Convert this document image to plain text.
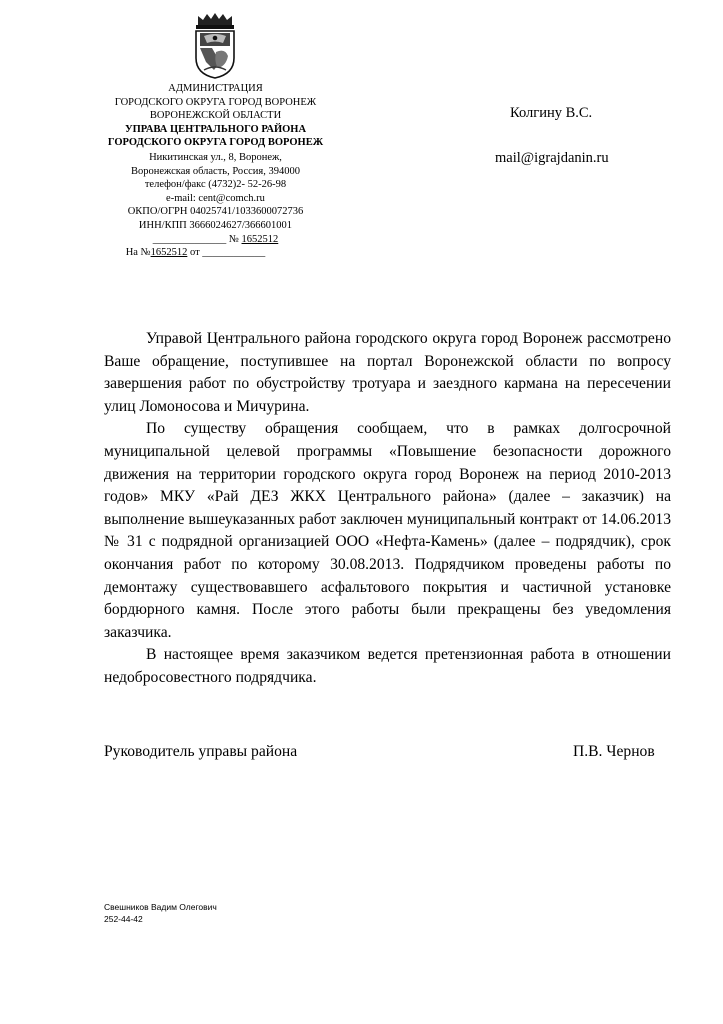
АДМИНИСТРАЦИЯ
ГОРОДСКОГО ОКРУГА ГОРОД ВОРОНЕЖ
ВОРОНЕЖСКОЙ ОБЛАСТИ
УПРАВА ЦЕНТРАЛЬНОГО РАЙОНА
ГОРОДСКОГО ОКРУГА ГОРОД ВОРОНЕЖ
Никитинская ул., 8, Воронеж,
Воронежская область, Россия, 394000
телефон/факс (4732)2- 52-26-98
e-mail: cent@comch.ru
ОКПО/ОГРН 04025741/1033600072736
ИНН/КПП 3666024627/366601001
______________ № 1652512
На №1652512 от ____________
Колгину В.С.
mail@igrajdanin.ru

Управой Центрального района городского округа город Воронеж рассмотрено Ваше обращение, поступившее на портал Воронежской области по вопросу завершения работ по обустройству тротуара и заездного кармана на пересечении улиц Ломоносова и Мичурина.

По существу обращения сообщаем, что в рамках долгосрочной муниципальной целевой программы «Повышение безопасности дорожного движения на территории городского округа город Воронеж на период 2010-2013 годов» МКУ «Рай ДЕЗ ЖКХ Центрального района» (далее – заказчик) на выполнение вышеуказанных работ заключен муниципальный контракт от 14.06.2013 № 31 с подрядной организацией ООО «Нефта-Камень» (далее – подрядчик), срок окончания работ по которому 30.08.2013. Подрядчиком проведены работы по демонтажу существовавшего асфальтового покрытия и частичной установке бордюрного камня. После этого работы были прекращены без уведомления заказчика.

В настоящее время заказчиком ведется претензионная работа в отношении недобросовестного подрядчика.

Руководитель управы района	П.В. Чернов
Свешников Вадим Олегович
252-44-42
